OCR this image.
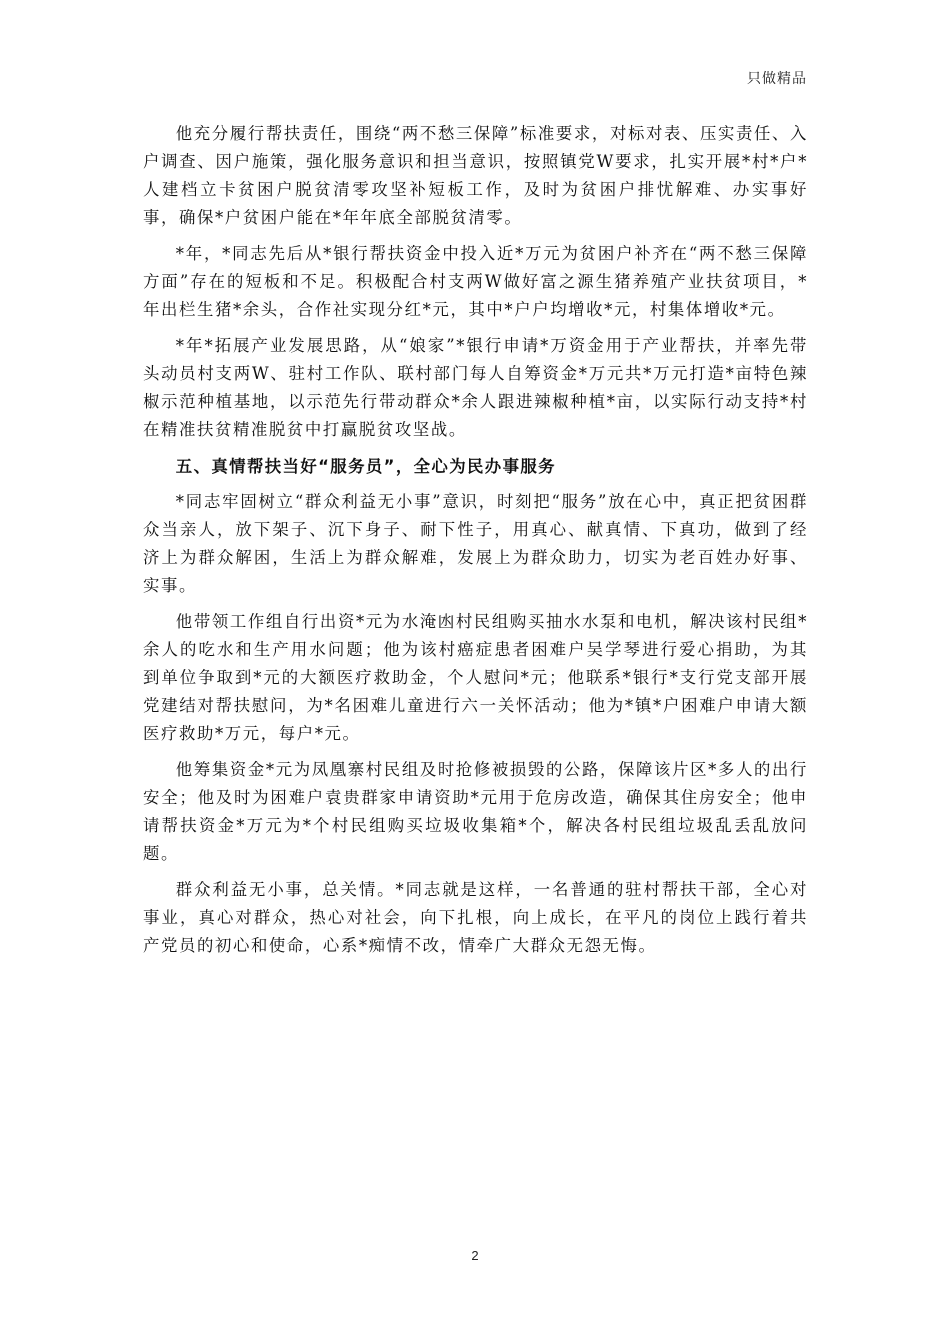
只做精品

他充分履行帮扶责任，围绕“两不愁三保障”标准要求，对标对表、压实责任、入户调查、因户施策，强化服务意识和担当意识，按照镇党W要求，扎实开展*村*户*人建档立卡贫困户脱贫清零攻坚补短板工作，及时为贫困户排忧解难、办实事好事，确保*户贫困户能在*年年底全部脱贫清零。

*年，*同志先后从*银行帮扶资金中投入近*万元为贫困户补齐在“两不愁三保障方面”存在的短板和不足。积极配合村支两W做好富之源生猪养殖产业扶贫项目，*年出栏生猪*余头，合作社实现分红*元，其中*户户均增收*元，村集体增收*元。

*年*拓展产业发展思路，从“娘家”*银行申请*万资金用于产业帮扶，并率先带头动员村支两W、驻村工作队、联村部门每人自筹资金*万元共*万元打造*亩特色辣椒示范种植基地，以示范先行带动群众*余人跟进辣椒种植*亩，以实际行动支持*村在精准扶贫精准脱贫中打赢脱贫攻坚战。

五、真情帮扶当好“服务员”，全心为民办事服务

*同志牢固树立“群众利益无小事”意识，时刻把“服务”放在心中，真正把贫困群众当亲人，放下架子、沉下身子、耐下性子，用真心、献真情、下真功，做到了经济上为群众解困，生活上为群众解难，发展上为群众助力，切实为老百姓办好事、实事。

他带领工作组自行出资*元为水淹凼村民组购买抽水水泵和电机，解决该村民组*余人的吃水和生产用水问题；他为该村癌症患者困难户吴学琴进行爱心捐助，为其到单位争取到*元的大额医疗救助金，个人慰问*元；他联系*银行*支行党支部开展党建结对帮扶慰问，为*名困难儿童进行六一关怀活动；他为*镇*户困难户申请大额医疗救助*万元，每户*元。

他筹集资金*元为凤凰寨村民组及时抢修被损毁的公路，保障该片区*多人的出行安全；他及时为困难户袁贵群家申请资助*元用于危房改造，确保其住房安全；他申请帮扶资金*万元为*个村民组购买垃圾收集箱*个，解决各村民组垃圾乱丢乱放问题。

群众利益无小事，总关情。*同志就是这样，一名普通的驻村帮扶干部，全心对事业，真心对群众，热心对社会，向下扎根，向上成长，在平凡的岗位上践行着共产党员的初心和使命，心系*痴情不改，情牵广大群众无怨无悔。

2
